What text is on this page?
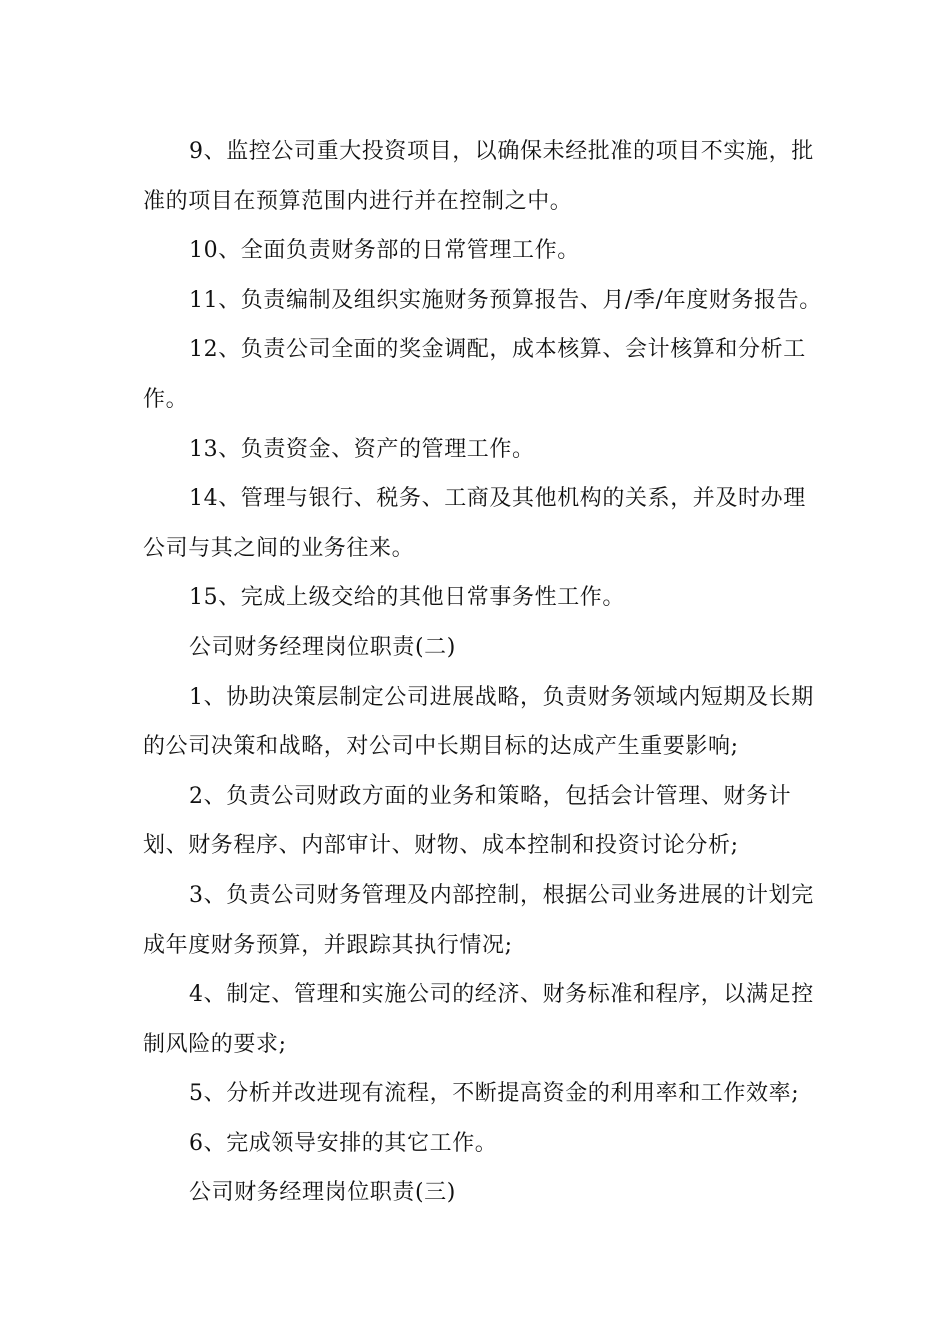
9、监控公司重大投资项目，以确保未经批准的项目不实施，批准的项目在预算范围内进行并在控制之中。

10、全面负责财务部的日常管理工作。

11、负责编制及组织实施财务预算报告、月/季/年度财务报告。

12、负责公司全面的奖金调配，成本核算、会计核算和分析工作。

13、负责资金、资产的管理工作。

14、管理与银行、税务、工商及其他机构的关系，并及时办理公司与其之间的业务往来。

15、完成上级交给的其他日常事务性工作。

公司财务经理岗位职责(二)

1、协助决策层制定公司进展战略，负责财务领域内短期及长期的公司决策和战略，对公司中长期目标的达成产生重要影响;

2、负责公司财政方面的业务和策略，包括会计管理、财务计划、财务程序、内部审计、财物、成本控制和投资讨论分析;

3、负责公司财务管理及内部控制，根据公司业务进展的计划完成年度财务预算，并跟踪其执行情况;

4、制定、管理和实施公司的经济、财务标准和程序，以满足控制风险的要求;

5、分析并改进现有流程，不断提高资金的利用率和工作效率;

6、完成领导安排的其它工作。

公司财务经理岗位职责(三)
